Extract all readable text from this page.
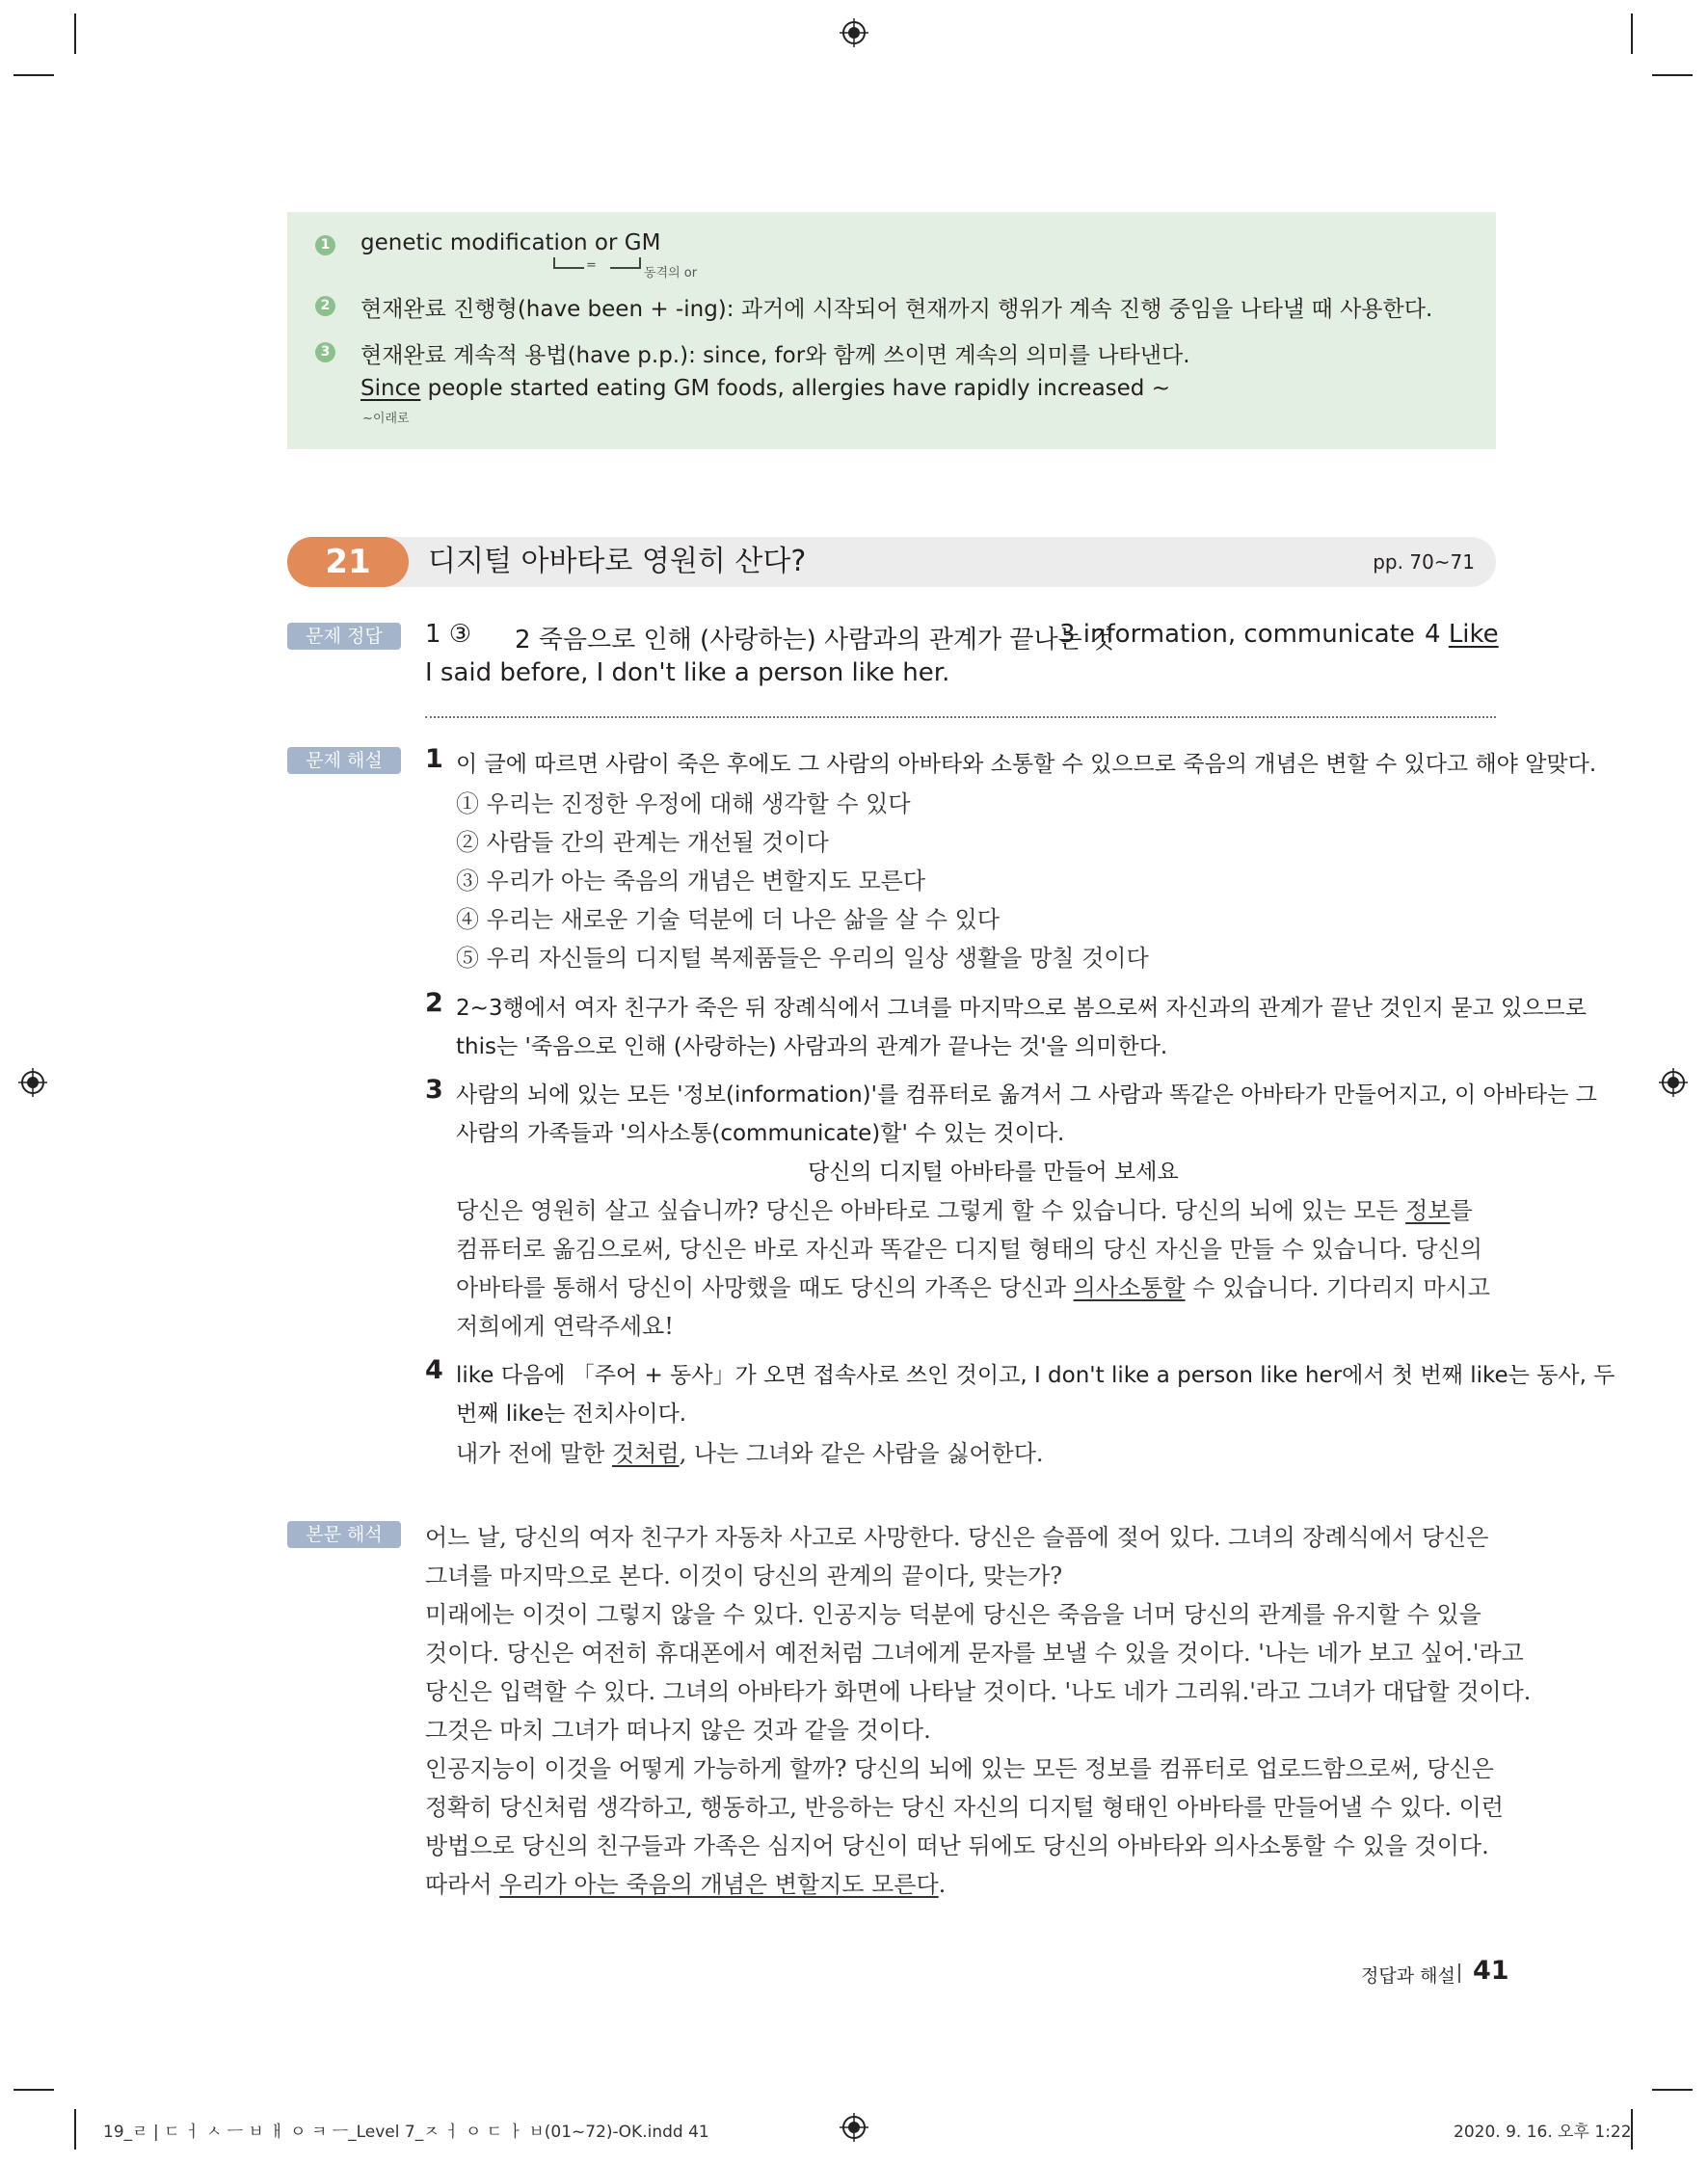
1 genetic modification or GM
=
동격의 or
2 현재완료 진행형(have been + -ing): 과거에 시작되어 현재까지 행위가 계속 진행 중임을 나타낼 때 사용한다.
3 현재완료 계속적 용법(have p.p.): since, for와 함께 쓰이면 계속의 의미를 나타낸다.
Since people started eating GM foods, allergies have rapidly increased ~
~이래로
21	디지털 아바타로 영원히 산다?	pp. 70~71
문제 정답	1 ③ 2 죽음으로 인해 (사랑하는) 사람과의 관계가 끝나는 것
3 information, communicate 4 Like
I said before, I don't like a person like her.
문제 해설	1 이 글에 따르면 사람이 죽은 후에도 그 사람의 아바타와 소통할 수 있으므로 죽음의 개념은 변할 수 있다고 해야 알맞다.
① 우리는 진정한 우정에 대해 생각할 수 있다
② 사람들 간의 관계는 개선될 것이다
③ 우리가 아는 죽음의 개념은 변할지도 모른다
④ 우리는 새로운 기술 덕분에 더 나은 삶을 살 수 있다
⑤ 우리 자신들의 디지털 복제품들은 우리의 일상 생활을 망칠 것이다
2 2~3행에서 여자 친구가 죽은 뒤 장례식에서 그녀를 마지막으로 봄으로써 자신과의 관계가 끝난 것인지 묻고 있으므로
this는 '죽음으로 인해 (사랑하는) 사람과의 관계가 끝나는 것'을 의미한다.
3 사람의 뇌에 있는 모든 '정보(information)'를 컴퓨터로 옮겨서 그 사람과 똑같은 아바타가 만들어지고, 이 아바타는 그
사람의 가족들과 '의사소통(communicate)할' 수 있는 것이다.
당신의 디지털 아바타를 만들어 보세요
당신은 영원히 살고 싶습니까? 당신은 아바타로 그렇게 할 수 있습니다. 당신의 뇌에 있는 모든 정보를
컴퓨터로 옮김으로써, 당신은 바로 자신과 똑같은 디지털 형태의 당신 자신을 만들 수 있습니다. 당신의
아바타를 통해서 당신이 사망했을 때도 당신의 가족은 당신과 의사소통할 수 있습니다. 기다리지 마시고
저희에게 연락주세요!
4 like 다음에 「주어 + 동사」가 오면 접속사로 쓰인 것이고, I don't like a person like her에서 첫 번째 like는 동사, 두
번째 like는 전치사이다.
내가 전에 말한 것처럼, 나는 그녀와 같은 사람을 싫어한다.
본문 해석	어느 날, 당신의 여자 친구가 자동차 사고로 사망한다. 당신은 슬픔에 젖어 있다. 그녀의 장례식에서 당신은
그녀를 마지막으로 본다. 이것이 당신의 관계의 끝이다, 맞는가?
미래에는 이것이 그렇지 않을 수 있다. 인공지능 덕분에 당신은 죽음을 너머 당신의 관계를 유지할 수 있을
것이다. 당신은 여전히 휴대폰에서 예전처럼 그녀에게 문자를 보낼 수 있을 것이다. '나는 네가 보고 싶어.'라고
당신은 입력할 수 있다. 그녀의 아바타가 화면에 나타날 것이다. '나도 네가 그리워.'라고 그녀가 대답할 것이다.
그것은 마치 그녀가 떠나지 않은 것과 같을 것이다.
인공지능이 이것을 어떻게 가능하게 할까? 당신의 뇌에 있는 모든 정보를 컴퓨터로 업로드함으로써, 당신은
정확히 당신처럼 생각하고, 행동하고, 반응하는 당신 자신의 디지털 형태인 아바타를 만들어낼 수 있다. 이런
방법으로 당신의 친구들과 가족은 심지어 당신이 떠난 뒤에도 당신의 아바타와 의사소통할 수 있을 것이다.
따라서 우리가 아는 죽음의 개념은 변할지도 모른다.
정답과 해설 41
19_ㄹ | ㄷ ㅓ ㅅ ㅡ ㅂ ㅐ ㅇ ㅋ ㅡ_Level 7_ㅈ ㅓ ㅇ ㄷ ㅏ ㅂ(01~72)-OK.indd 41	2020. 9. 16. 오후 1:22
